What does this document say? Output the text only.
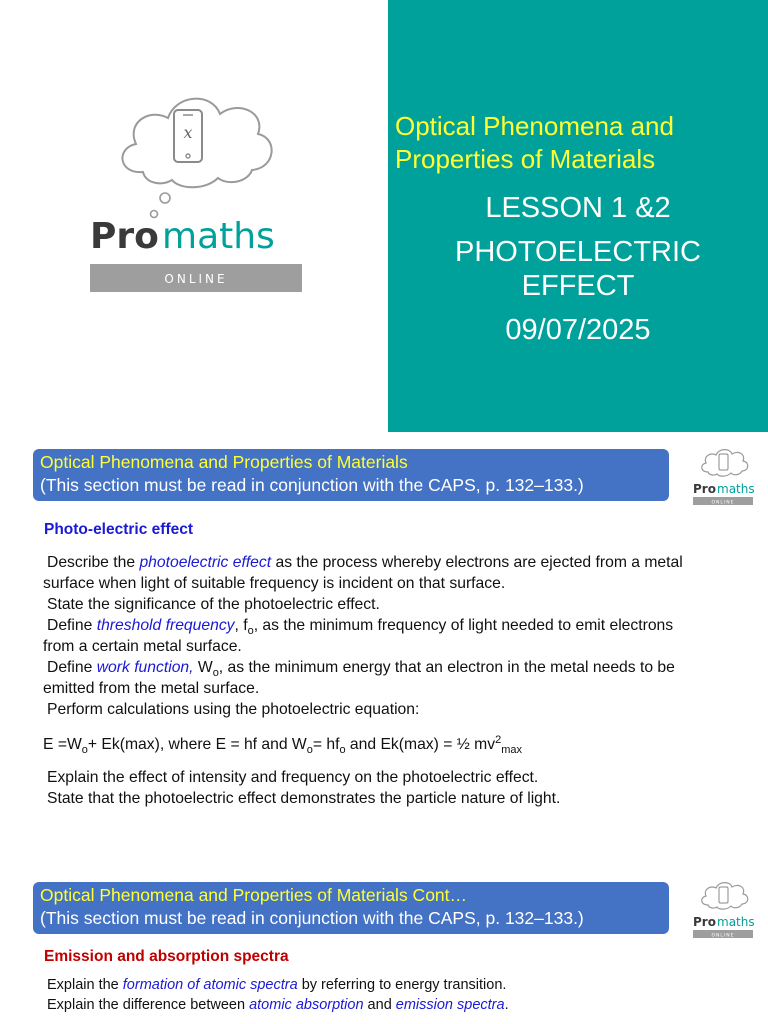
x
Pro maths
ONLINE
Optical Phenomena and
Properties of Materials
LESSON 1 &2
PHOTOELECTRIC
EFFECT
09/07/2025
Optical Phenomena and Properties of Materials
(This section must be read in conjunction with the CAPS, p. 132–133.)	Pro maths
ONLINE
Photo-electric effect

Describe the photoelectric effect as the process whereby electrons are ejected from a metal surface when light of suitable frequency is incident on that surface.

State the significance of the photoelectric effect.

Define threshold frequency, $f_o$, as the minimum frequency of light needed to emit electrons from a certain metal surface.

Define work function, $W_o$, as the minimum energy that an electron in the metal needs to be emitted from the metal surface.

Perform calculations using the photoelectric equation:

$E =W_o+ Ek(\max)$, where E = hf and $W_o= hf_o$ and Ek(max) = ½ $mv^2_{max}$

Explain the effect of intensity and frequency on the photoelectric effect.

State that the photoelectric effect demonstrates the particle nature of light.

Optical Phenomena and Properties of Materials Cont…
(This section must be read in conjunction with the CAPS, p. 132–133.)	Pro maths
ONLINE
Emission and absorption spectra

Explain the formation of atomic spectra by referring to energy transition.

Explain the difference between atomic absorption and emission spectra.
